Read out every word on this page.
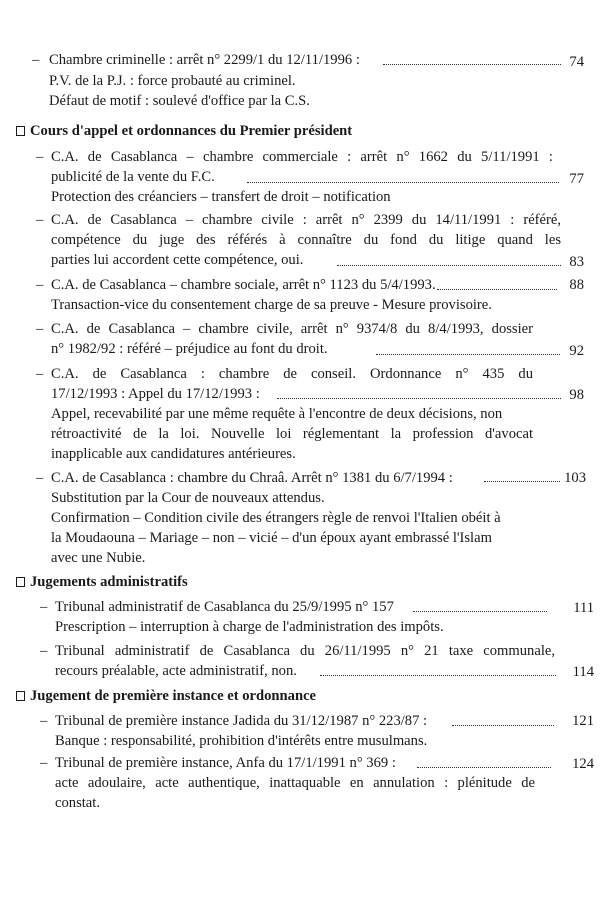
– Chambre criminelle : arrêt n° 2299/1 du 12/11/1996 :	74
P.V. de la P.J. : force probauté au criminel.
Défaut de motif : soulevé d'office par la C.S.
Cours d'appel et ordonnances du Premier président
– C.A. de Casablanca – chambre commerciale : arrêt n° 1662 du 5/11/1991 :
publicité de la vente du F.C.	77
Protection des créanciers – transfert de droit – notification
– C.A. de Casablanca – chambre civile : arrêt n° 2399 du 14/11/1991 : référé,
compétence du juge des référés à connaître du fond du litige quand les
parties lui accordent cette compétence, oui.	83
– C.A. de Casablanca – chambre sociale, arrêt n° 1123 du 5/4/1993.	88
Transaction-vice du consentement charge de sa preuve - Mesure provisoire.
– C.A. de Casablanca – chambre civile, arrêt n° 9374/8 du 8/4/1993, dossier
n° 1982/92 : référé – préjudice au font du droit.	92
– C.A. de Casablanca : chambre de conseil. Ordonnance n° 435 du
17/12/1993 : Appel du 17/12/1993 :	98
Appel, recevabilité par une même requête à l'encontre de deux décisions, non
rétroactivité de la loi. Nouvelle loi réglementant la profession d'avocat
inapplicable aux candidatures antérieures.
– C.A. de Casablanca : chambre du Chraâ. Arrêt n° 1381 du 6/7/1994 :	103
Substitution par la Cour de nouveaux attendus.
Confirmation – Condition civile des étrangers règle de renvoi l'Italien obéit à
la Moudaouna – Mariage – non – vicié – d'un époux ayant embrassé l'Islam
avec une Nubie.
Jugements administratifs
– Tribunal administratif de Casablanca du 25/9/1995 n° 157	111
Prescription – interruption à charge de l'administration des impôts.
– Tribunal administratif de Casablanca du 26/11/1995 n° 21 taxe communale,
recours préalable, acte administratif, non.	114
Jugement de première instance et ordonnance
– Tribunal de première instance Jadida du 31/12/1987 n° 223/87 :	121
Banque : responsabilité, prohibition d'intérêts entre musulmans.
– Tribunal de première instance, Anfa du 17/1/1991 n° 369 :	124
acte adoulaire, acte authentique, inattaquable en annulation : plénitude de
constat.
